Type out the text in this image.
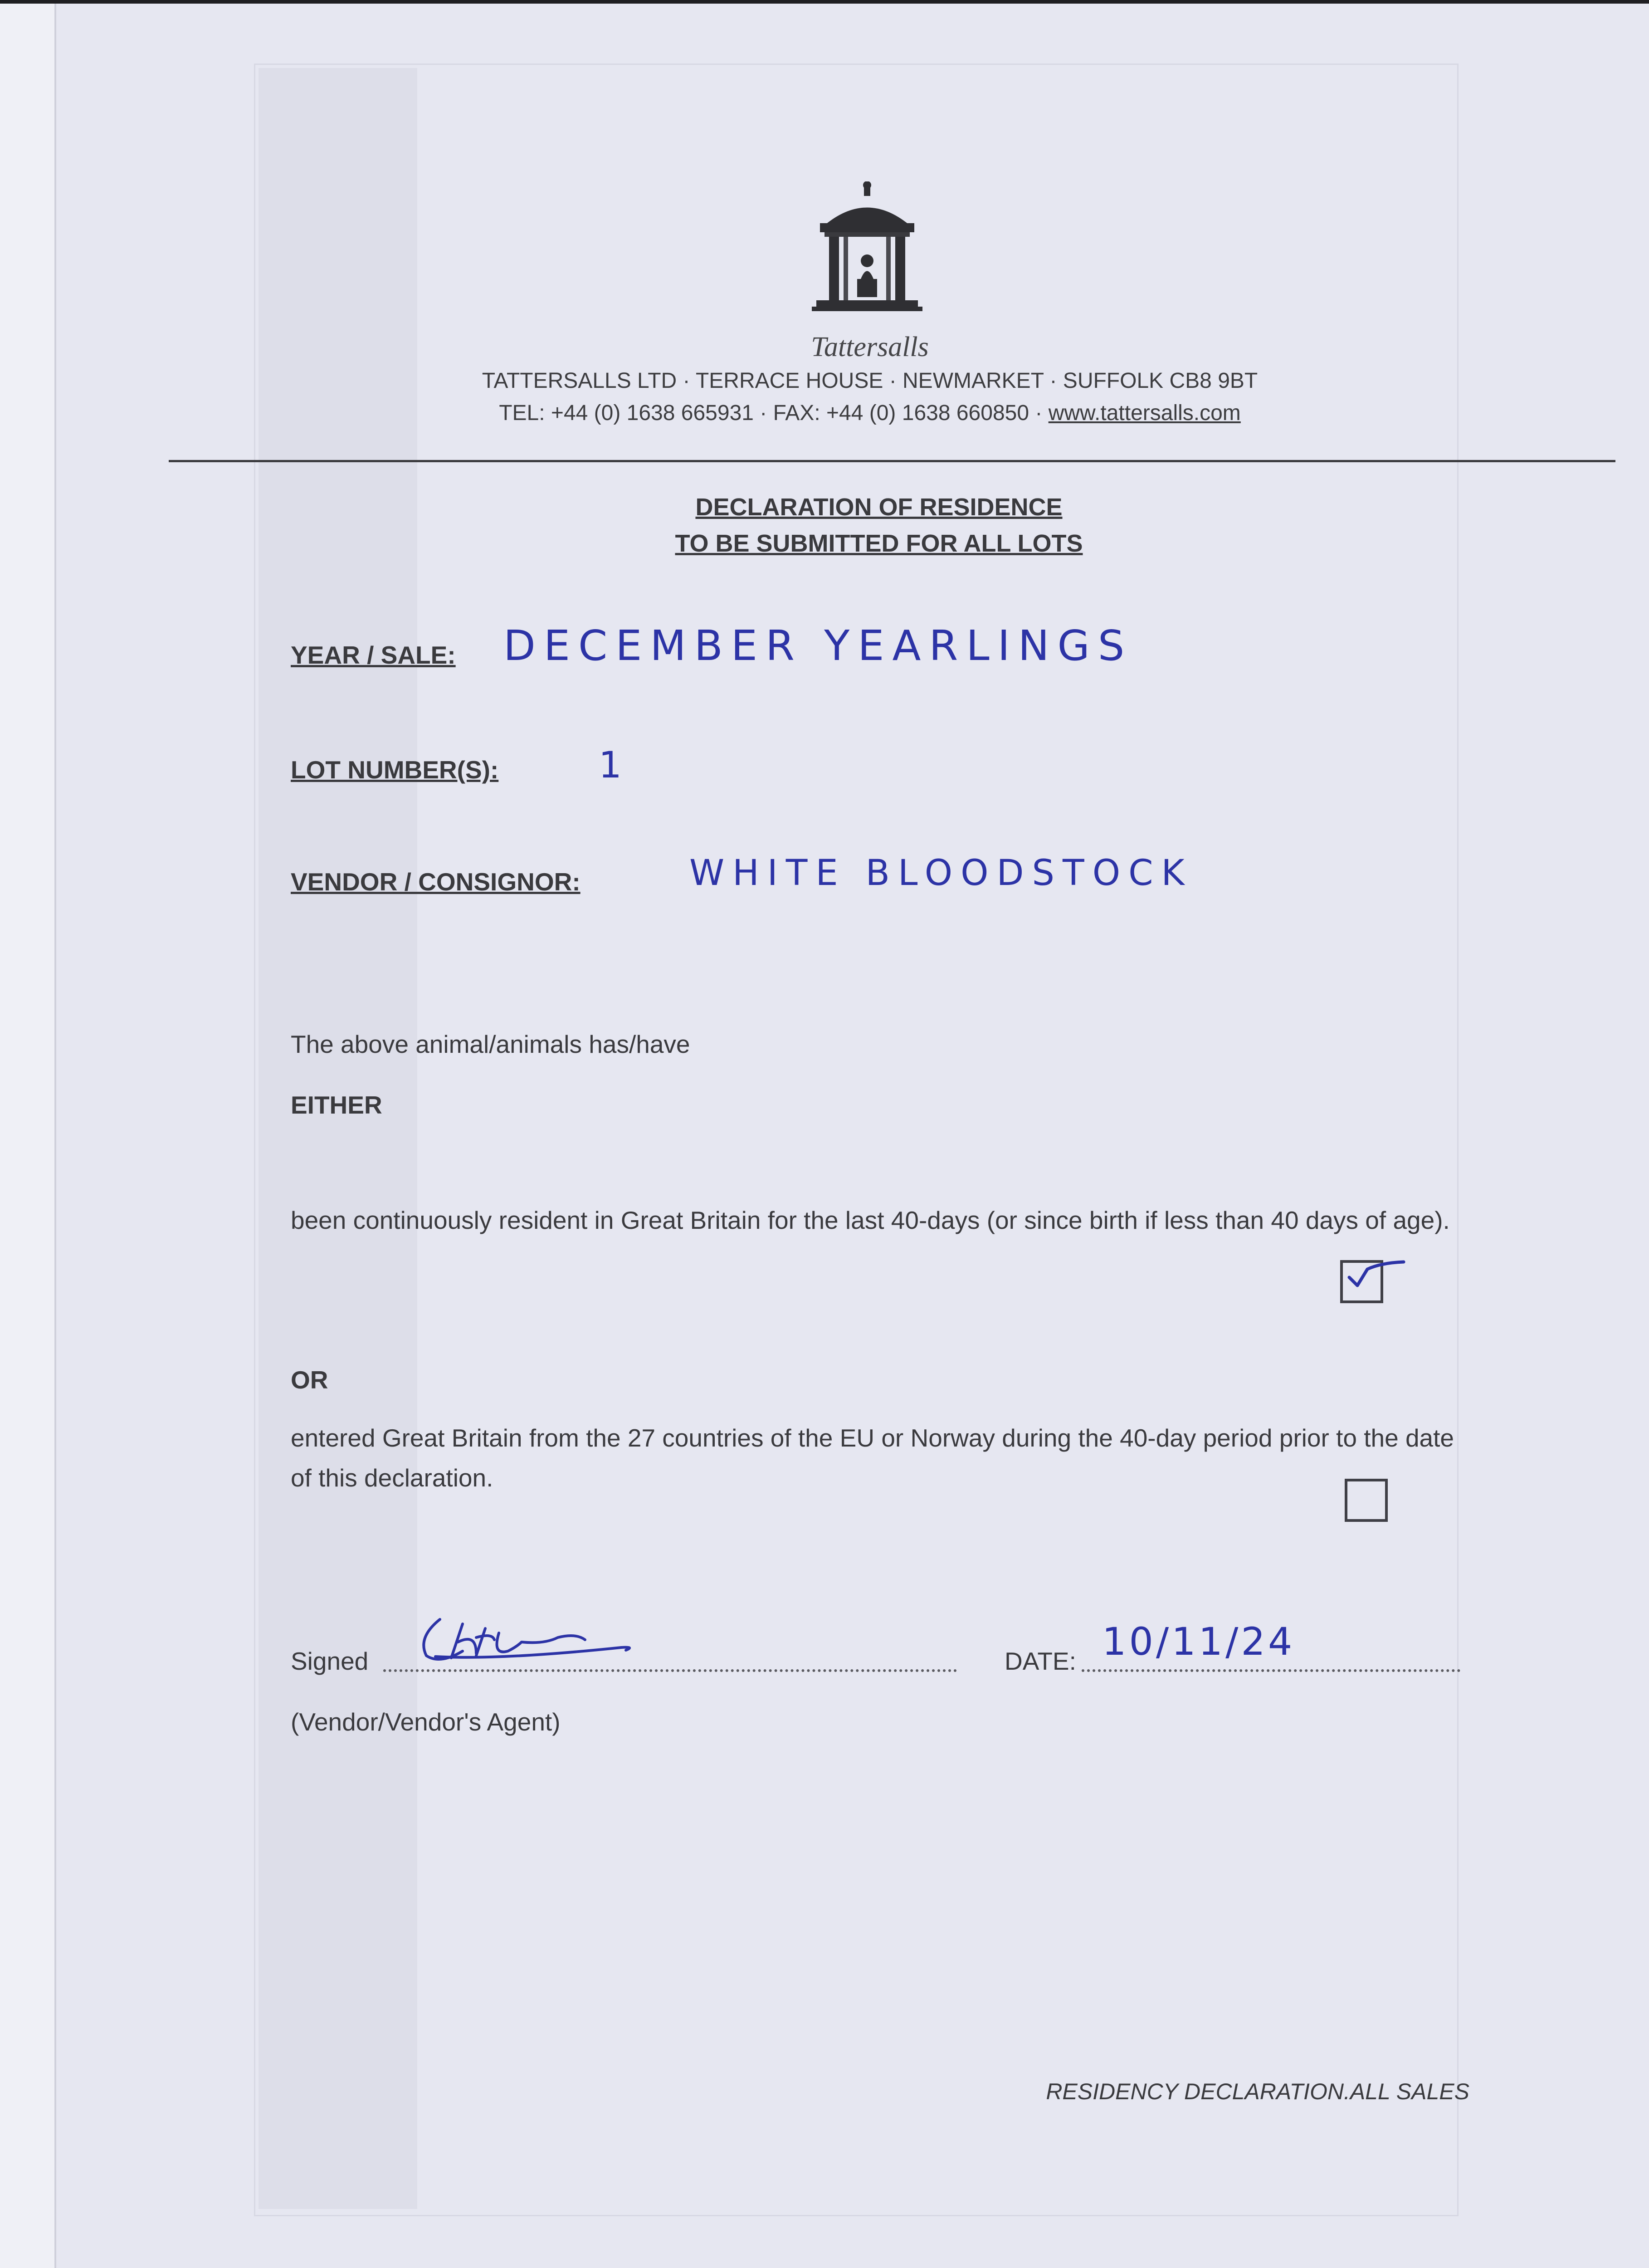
Tattersalls
TATTERSALLS LTD · TERRACE HOUSE · NEWMARKET · SUFFOLK CB8 9BT
TEL: +44 (0) 1638 665931 · FAX: +44 (0) 1638 660850 · www.tattersalls.com
DECLARATION OF RESIDENCE
TO BE SUBMITTED FOR ALL LOTS
YEAR / SALE: DECEMBER YEARLINGS
LOT NUMBER(S):	1
VENDOR / CONSIGNOR:	WHITE BLOODSTOCK
The above animal/animals has/have
EITHER
been continuously resident in Great Britain for the last 40-days (or since birth if less than 40 days of age).
OR
entered Great Britain from the 27 countries of the EU or Norway during the 40-day period prior to the date of this declaration.
Signed	DATE: 10/11/24
(Vendor/Vendor's Agent)
RESIDENCY DECLARATION.ALL SALES
